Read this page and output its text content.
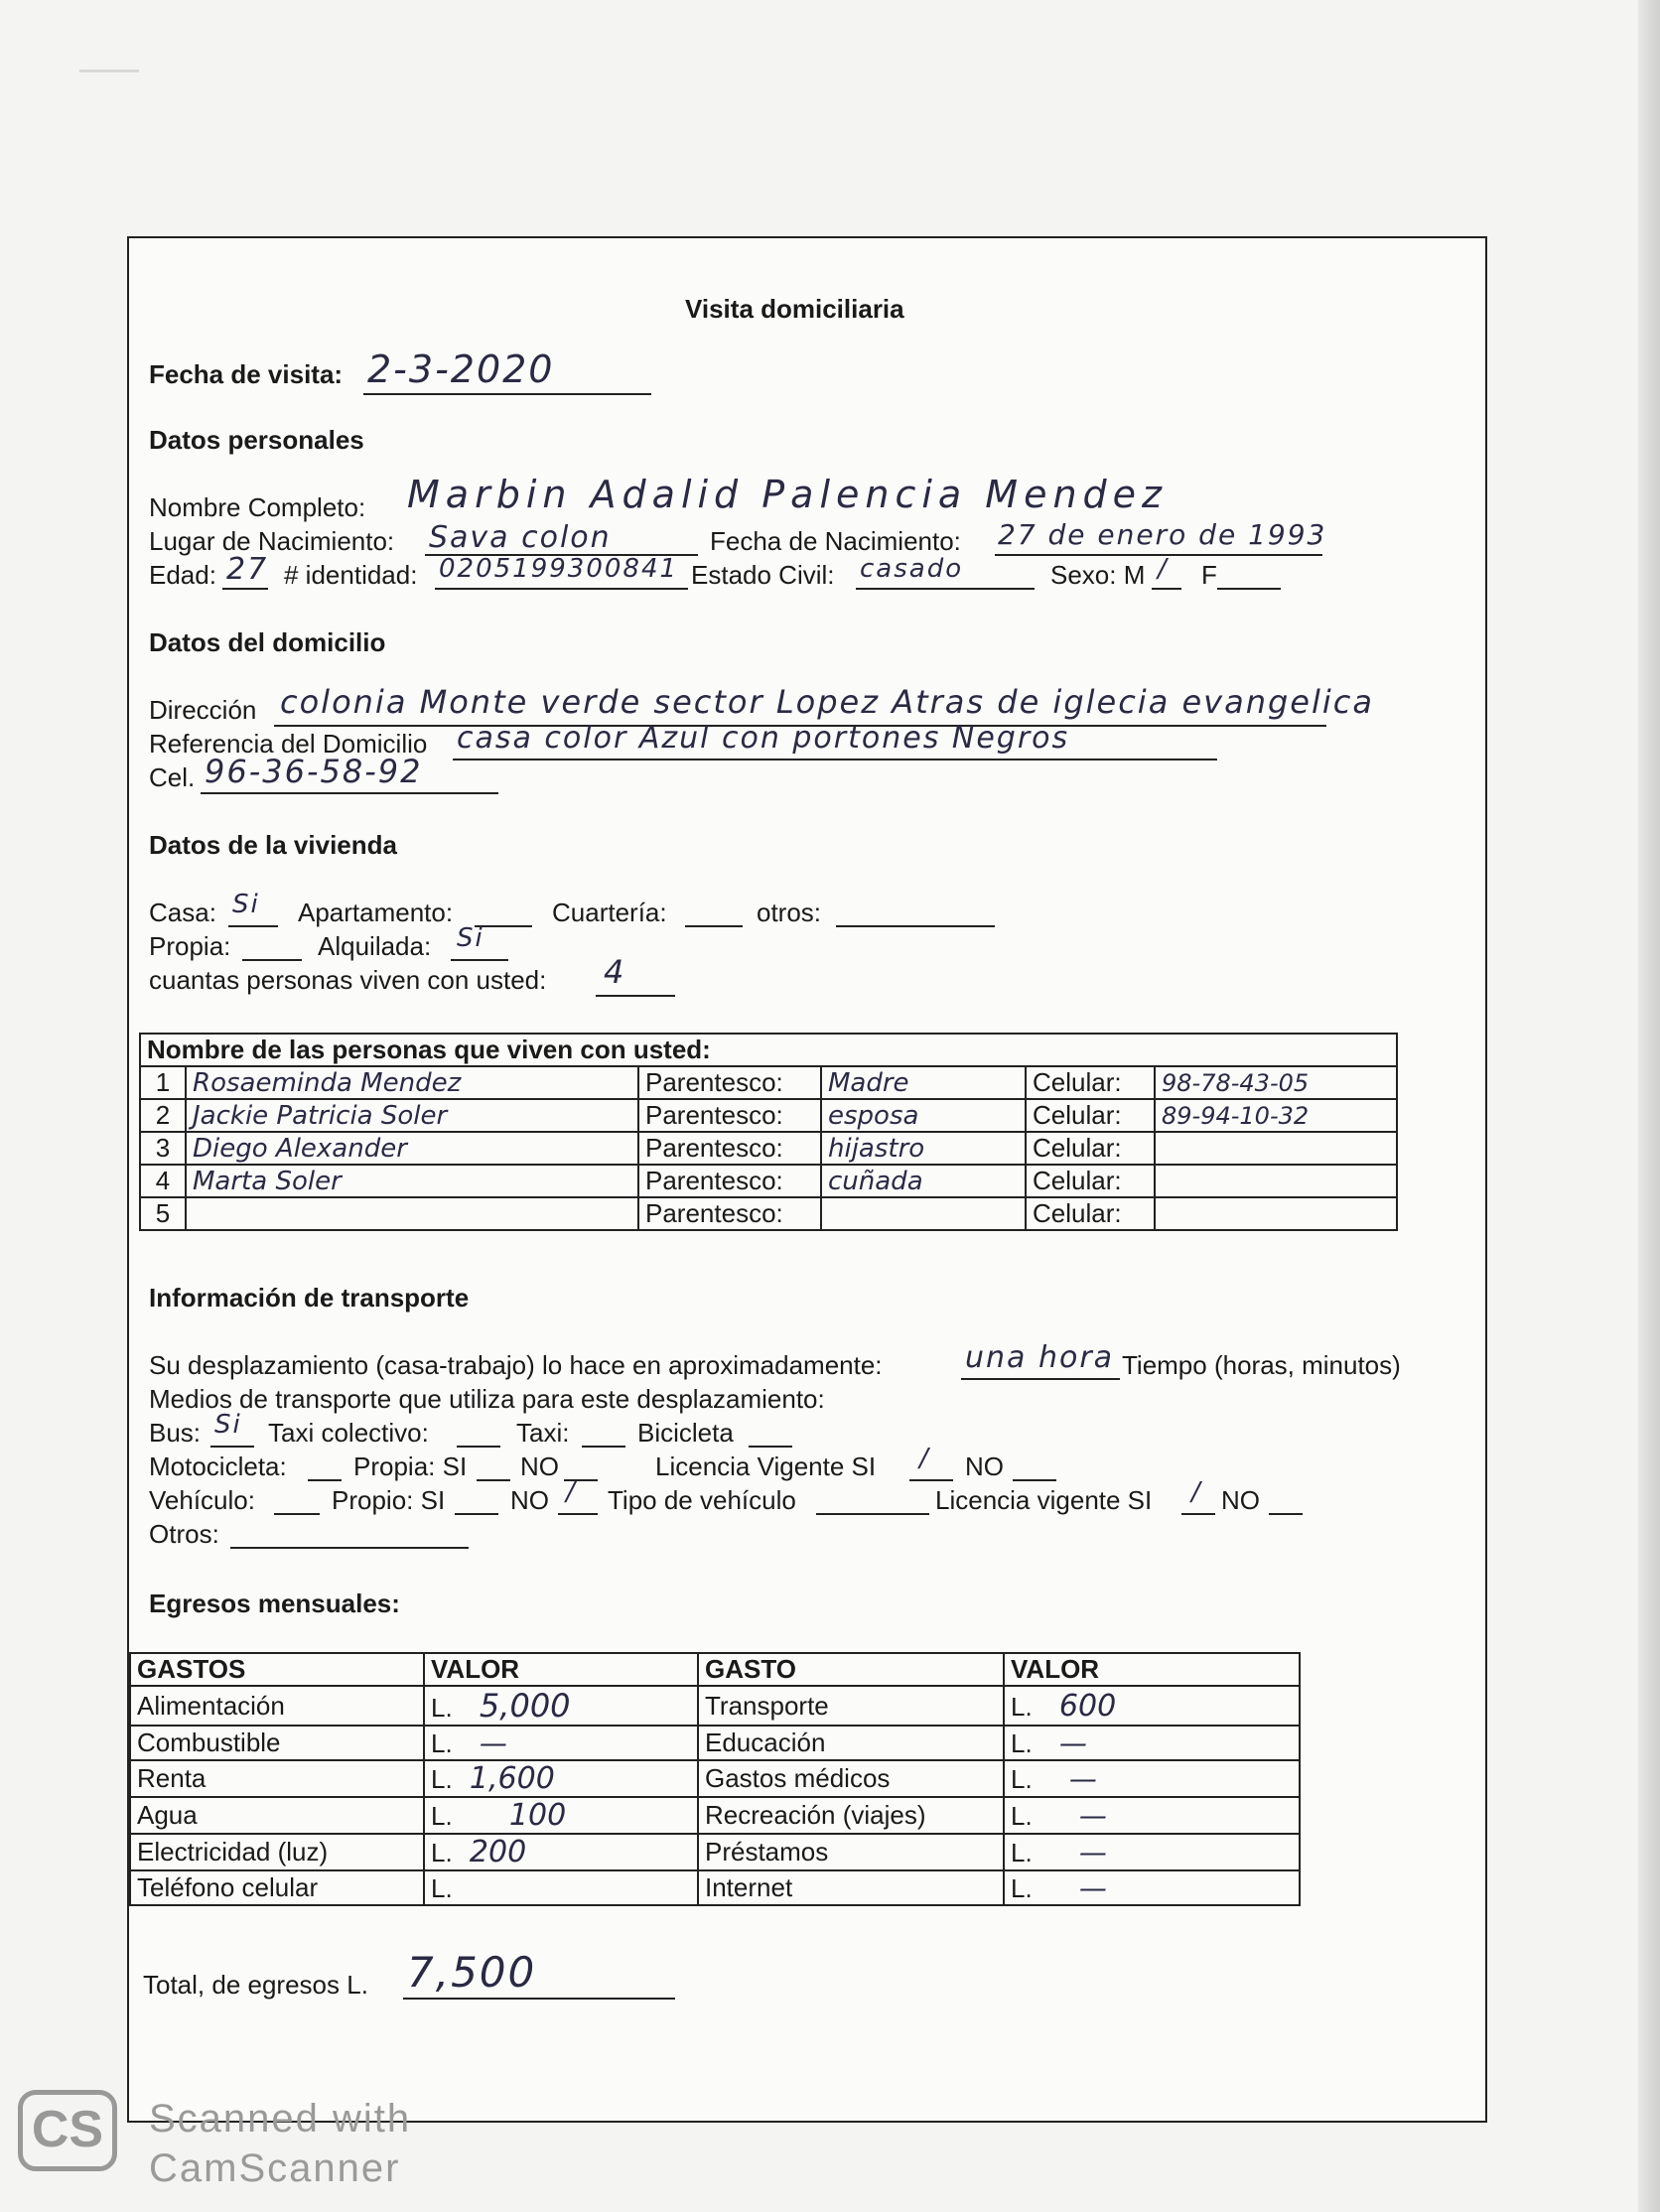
Visita domiciliaria
Fecha de visita: 2-3-2020
Datos personales
Nombre Completo: Marbin Adalid Palencia Mendez
Lugar de Nacimiento: Sava colon	Fecha de Nacimiento: 27 de enero de 1993
Edad: 27 # identidad: 0205199300841 Estado Civil: casado	Sexo: M / F
Datos del domicilio
Dirección colonia Monte verde sector Lopez Atras de iglecia evangelica
Referencia del Domicilio casa color Azul con portones Negros
Cel. 96-36-58-92
Datos de la vivienda
Casa: Si Apartamento:	Cuartería:	otros:
Propia:	Alquilada: Si
cuantas personas viven con usted: 4
Nombre de las personas que viven con usted:					
1	Rosaeminda Mendez	Parentesco:	Madre	Celular:	98-78-43-05
2	Jackie Patricia Soler	Parentesco:	esposa	Celular:	89-94-10-32
3	Diego Alexander	Parentesco:	hijastro	Celular:	
4	Marta Soler	Parentesco:	cuñada	Celular:	
5		Parentesco:		Celular:	
Información de transporte
Su desplazamiento (casa-trabajo) lo hace en aproximadamente:	una hora Tiempo (horas, minutos)
Medios de transporte que utiliza para este desplazamiento:
Bus: Si Taxi colectivo:	Taxi:	Bicicleta
Motocicleta:	Propia: SI NO	Licencia Vigente SI / NO
Vehículo:	Propio: SI	NO / Tipo de vehículo	Licencia vigente SI / NO
Otros:
Egresos mensuales:
GASTOS	VALOR	GASTO	VALOR
Alimentación	L. 5,000	Transporte	L. 600
Combustible	L. —	Educación	L. —
Renta	L. 1,600	Gastos médicos	L. —
Agua	L. 100	Recreación (viajes)	L. —
Electricidad (luz)	L. 200	Préstamos	L. —
Teléfono celular	L.	Internet	L. —
Total, de egresos L. 7,500
CS	Scanned with
CamScanner
